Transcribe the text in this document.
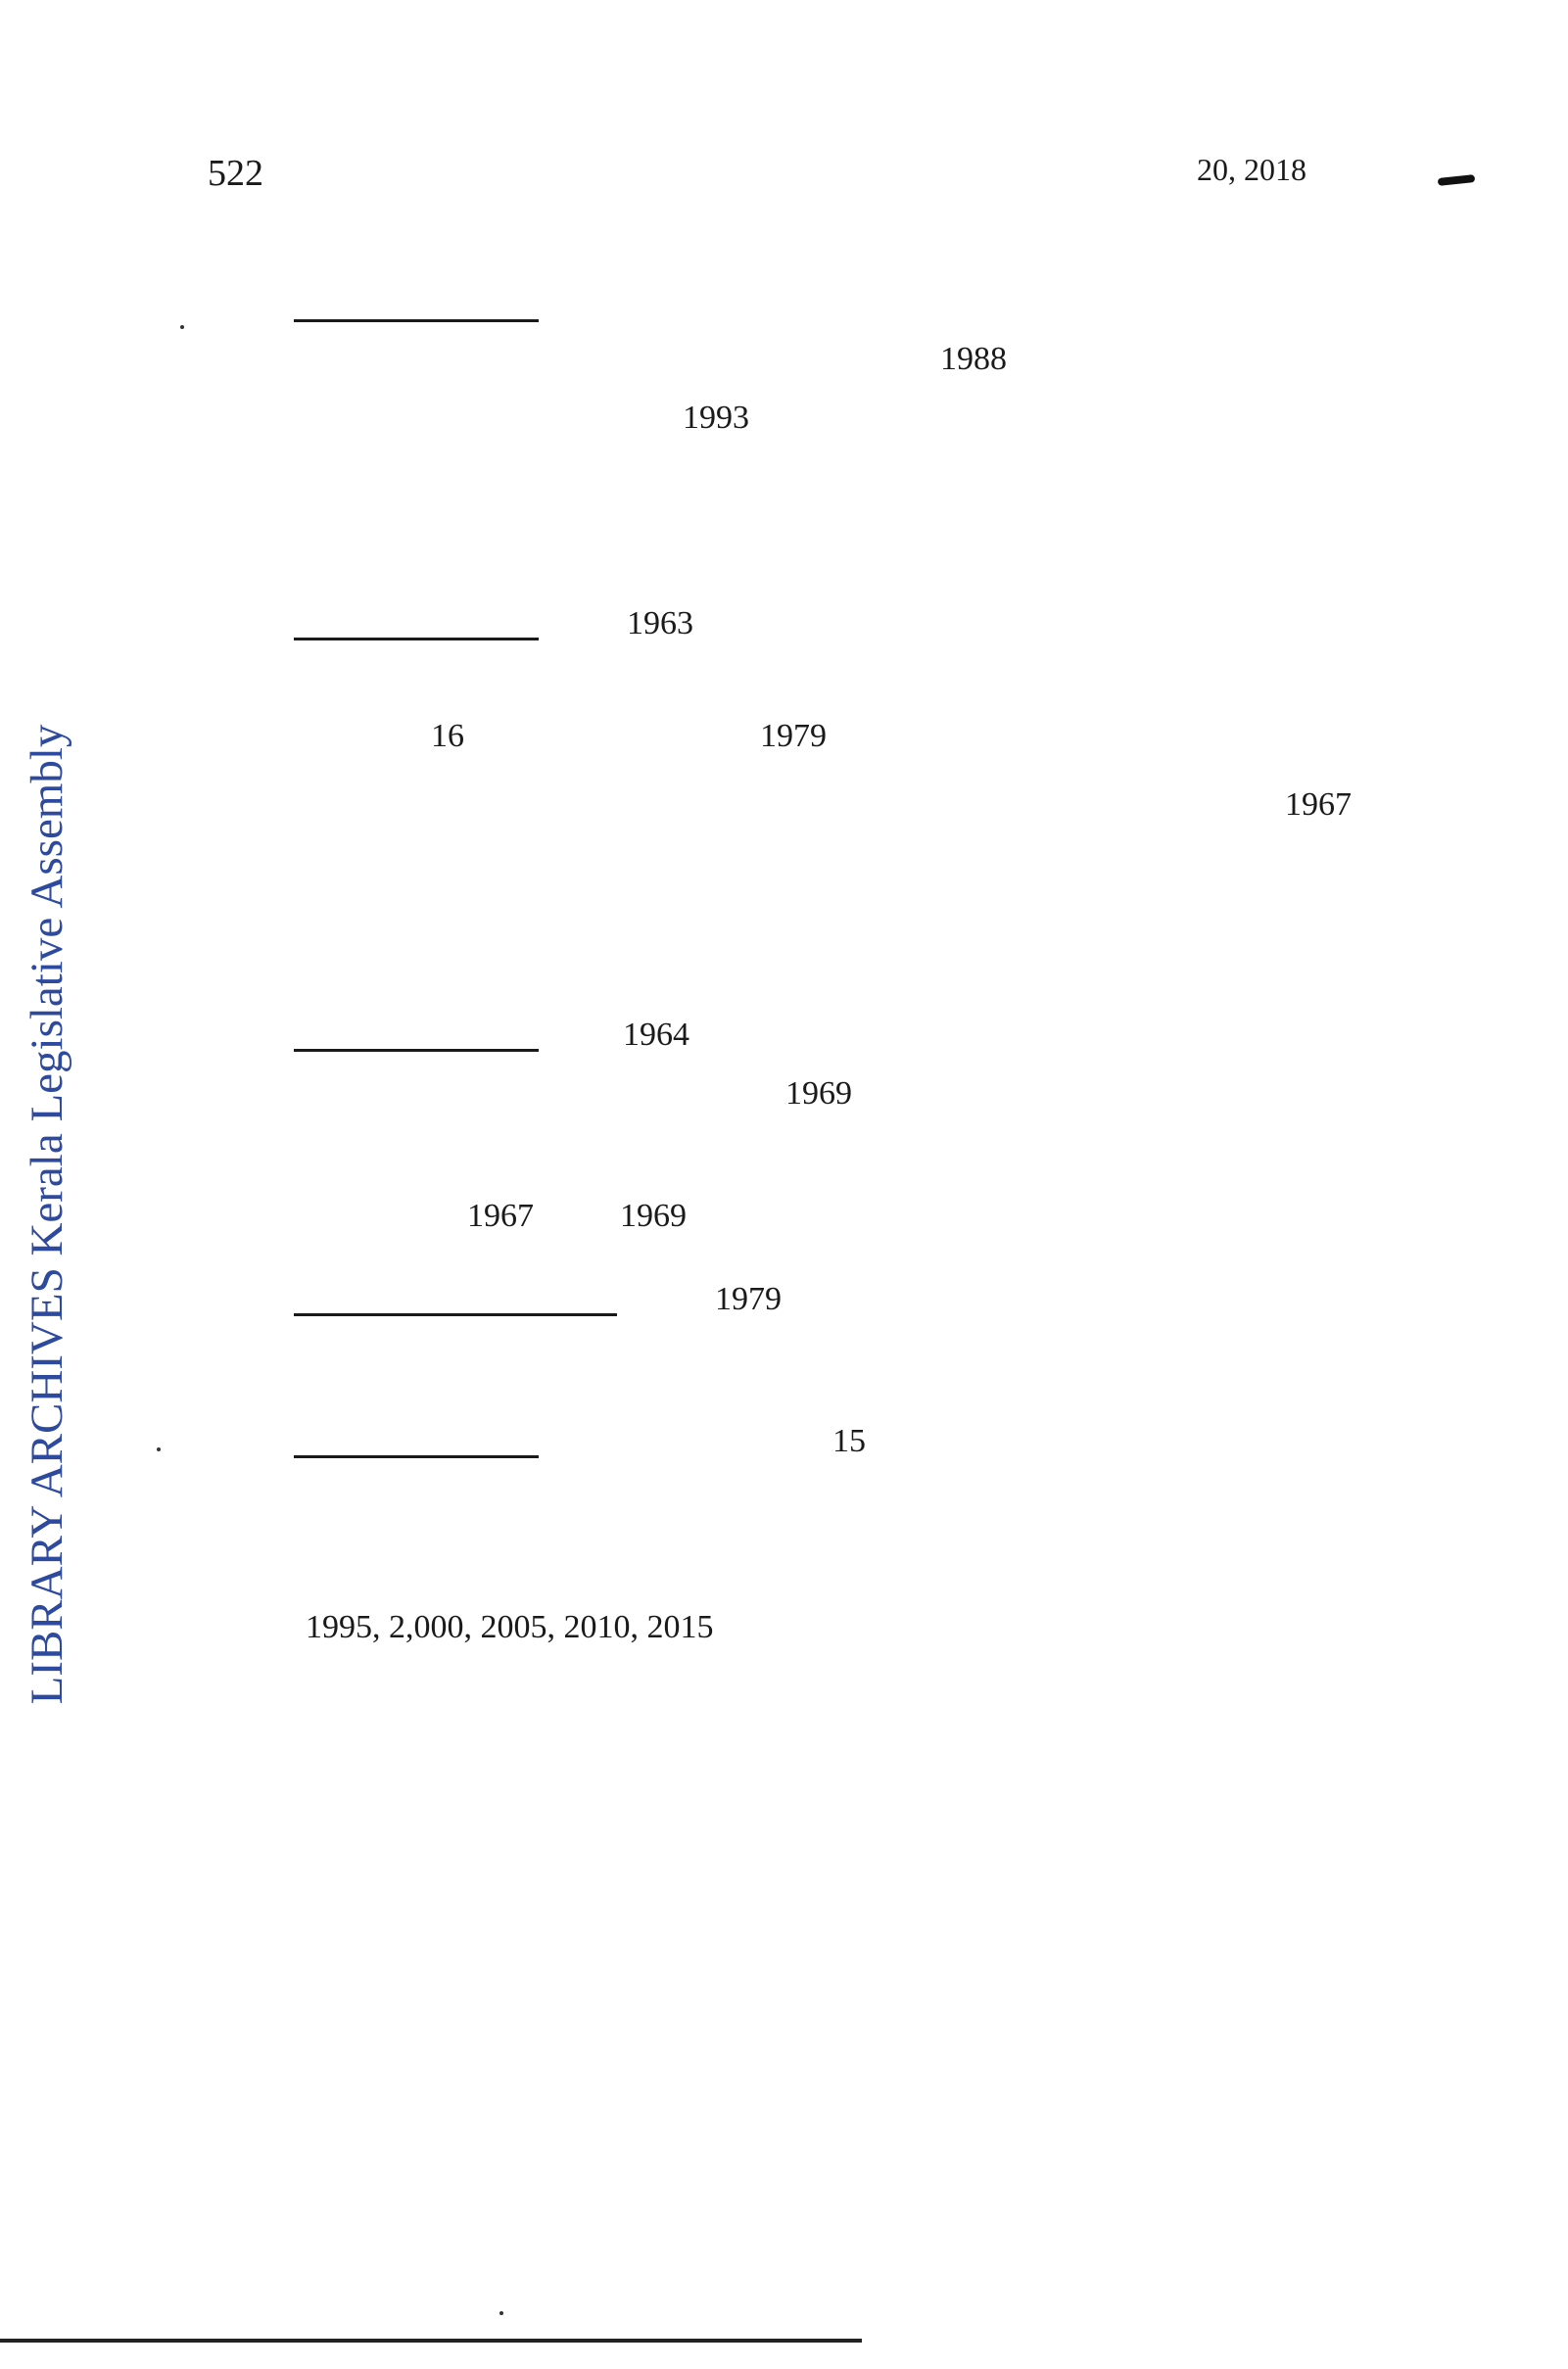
LIBRARY ARCHIVES Kerala Legislative Assembly
522	20, 2018
1988
1993
1963
16	1979
1967
1964
1969
1967	1969
1979
15
1995, 2,000, 2005, 2010, 2015
